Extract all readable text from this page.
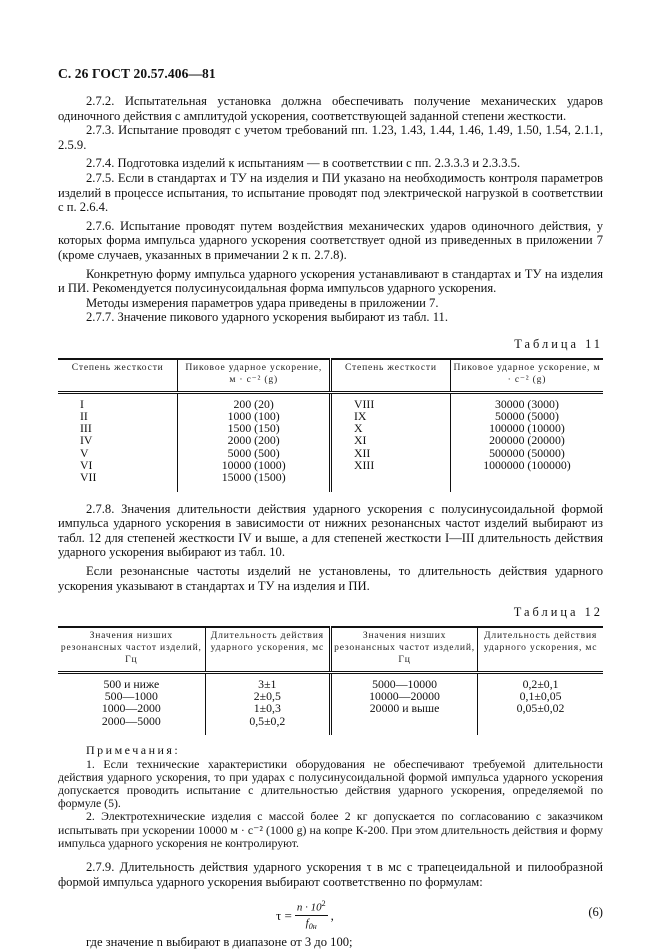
С. 26 ГОСТ 20.57.406—81

2.7.2. Испытательная установка должна обеспечивать получение механических ударов одиночного действия с амплитудой ускорения, соответствующей заданной степени жесткости.

2.7.3. Испытание проводят с учетом требований пп. 1.23, 1.43, 1.44, 1.46, 1.49, 1.50, 1.54, 2.1.1, 2.5.9.

2.7.4. Подготовка изделий к испытаниям — в соответствии с пп. 2.3.3.3 и 2.3.3.5.

2.7.5. Если в стандартах и ТУ на изделия и ПИ указано на необходимость контроля параметров изделий в процессе испытания, то испытание проводят под электрической нагрузкой в соответствии с п. 2.6.4.

2.7.6. Испытание проводят путем воздействия механических ударов одиночного действия, у которых форма импульса ударного ускорения соответствует одной из приведенных в приложении 7 (кроме случаев, указанных в примечании 2 к п. 2.7.8).

Конкретную форму импульса ударного ускорения устанавливают в стандартах и ТУ на изделия и ПИ. Рекомендуется полусинусоидальная форма импульсов ударного ускорения.

Методы измерения параметров удара приведены в приложении 7.

2.7.7. Значение пикового ударного ускорения выбирают из табл. 11.

Таблица 11
Степень жесткости	Пиковое ударное ускорение, м · с⁻² (g)	Степень жесткости	Пиковое ударное ускорение, м · с⁻² (g)
I	200 (20)	VIII	30000 (3000)
II	1000 (100)	IX	50000 (5000)
III	1500 (150)	X	100000 (10000)
IV	2000 (200)	XI	200000 (20000)
V	5000 (500)	XII	500000 (50000)
VI	10000 (1000)	XIII	1000000 (100000)
VII	15000 (1500)		

2.7.8. Значения длительности действия ударного ускорения с полусинусоидальной формой импульса ударного ускорения в зависимости от нижних резонансных частот изделий выбирают из табл. 12 для степеней жесткости IV и выше, а для степеней жесткости I—III длительность действия ударного ускорения выбирают из табл. 10.

Если резонансные частоты изделий не установлены, то длительность действия ударного ускорения указывают в стандартах и ТУ на изделия и ПИ.

Таблица 12
Значения низших резонансных частот изделий, Гц	Длительность действия ударного ускорения, мс	Значения низших резонансных частот изделий, Гц	Длительность действия ударного ускорения, мс
500 и ниже	3±1	5000—10000	0,2±0,1
500—1000	2±0,5	10000—20000	0,1±0,05
1000—2000	1±0,3	20000 и выше	0,05±0,02
2000—5000	0,5±0,2		
Примечания:

1. Если технические характеристики оборудования не обеспечивают требуемой длительности действия ударного ускорения, то при ударах с полусинусоидальной формой импульса ударного ускорения допускается проводить испытание с длительностью действия ударного ускорения, определяемой по формуле (5).

2. Электротехнические изделия с массой более 2 кг допускается по согласованию с заказчиком испытывать при ускорении 10000 м · с⁻² (1000 g) на копре К-200. При этом длительность действия и форму импульса ударного ускорения не контролируют.

2.7.9. Длительность действия ударного ускорения τ в мс с трапецеидальной и пилообразной формой импульса ударного ускорения выбирают соответственно по формулам:

$\tau = \frac{n \cdot 10^2}{f_{0н}}$ ,	(6)

где значение n выбирают в диапазоне от 3 до 100;
